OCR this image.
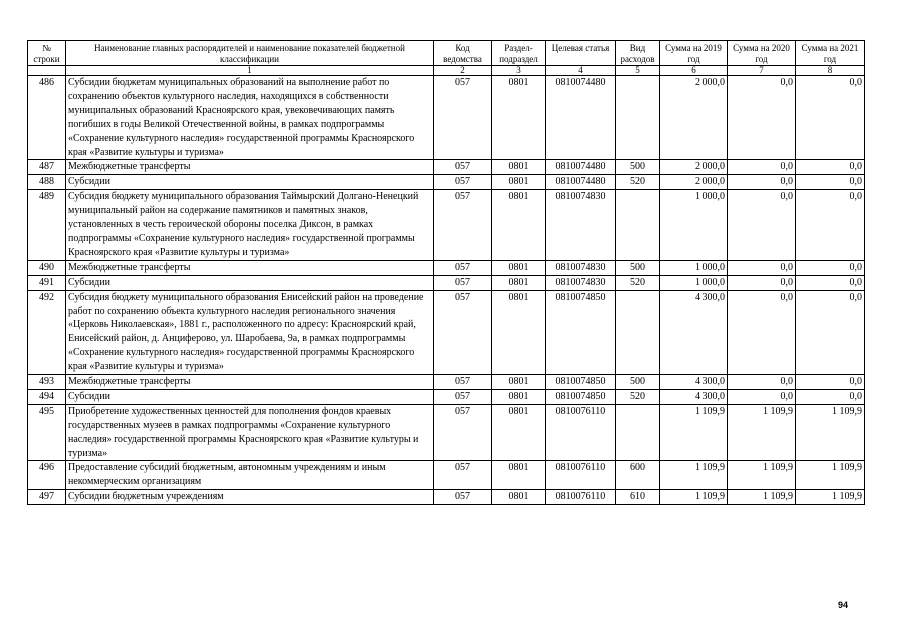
№ строки	Наименование главных распорядителей и наименование показателей бюджетной классификации	Код ведомства	Раздел-подраздел	Целевая статья	Вид расходов	Сумма на 2019 год	Сумма на 2020 год	Сумма на 2021 год
	1	2	3	4	5	6	7	8
486	Субсидии бюджетам муниципальных образований на выполнение работ по сохранению объектов культурного наследия, находящихся в собственности муниципальных образований Красноярского края, увековечивающих память погибших в годы Великой Отечественной войны, в рамках подпрограммы «Сохранение культурного наследия» государственной программы Красноярского края «Развитие культуры и туризма»	057	0801	0810074480		2 000,0	0,0	0,0
487	Межбюджетные трансферты	057	0801	0810074480	500	2 000,0	0,0	0,0
488	Субсидии	057	0801	0810074480	520	2 000,0	0,0	0,0
489	Субсидия бюджету муниципального образования Таймырский Долгано-Ненецкий муниципальный район на содержание памятников и памятных знаков, установленных в честь героической обороны поселка Диксон, в рамках подпрограммы «Сохранение культурного наследия» государственной программы Красноярского края «Развитие культуры и туризма»	057	0801	0810074830		1 000,0	0,0	0,0
490	Межбюджетные трансферты	057	0801	0810074830	500	1 000,0	0,0	0,0
491	Субсидии	057	0801	0810074830	520	1 000,0	0,0	0,0
492	Субсидия бюджету муниципального образования Енисейский район на проведение работ по сохранению объекта культурного наследия регионального значения «Церковь Николаевская», 1881 г., расположенного по адресу: Красноярский край, Енисейский район, д. Анциферово, ул. Шаробаева, 9а, в рамках подпрограммы «Сохранение культурного наследия» государственной программы Красноярского края «Развитие культуры и туризма»	057	0801	0810074850		4 300,0	0,0	0,0
493	Межбюджетные трансферты	057	0801	0810074850	500	4 300,0	0,0	0,0
494	Субсидии	057	0801	0810074850	520	4 300,0	0,0	0,0
495	Приобретение художественных ценностей для пополнения фондов краевых государственных музеев в рамках подпрограммы «Сохранение культурного наследия» государственной программы Красноярского края «Развитие культуры и туризма»	057	0801	0810076110		1 109,9	1 109,9	1 109,9
496	Предоставление субсидий бюджетным, автономным учреждениям и иным некоммерческим организациям	057	0801	0810076110	600	1 109,9	1 109,9	1 109,9
497	Субсидии бюджетным учреждениям	057	0801	0810076110	610	1 109,9	1 109,9	1 109,9
94
